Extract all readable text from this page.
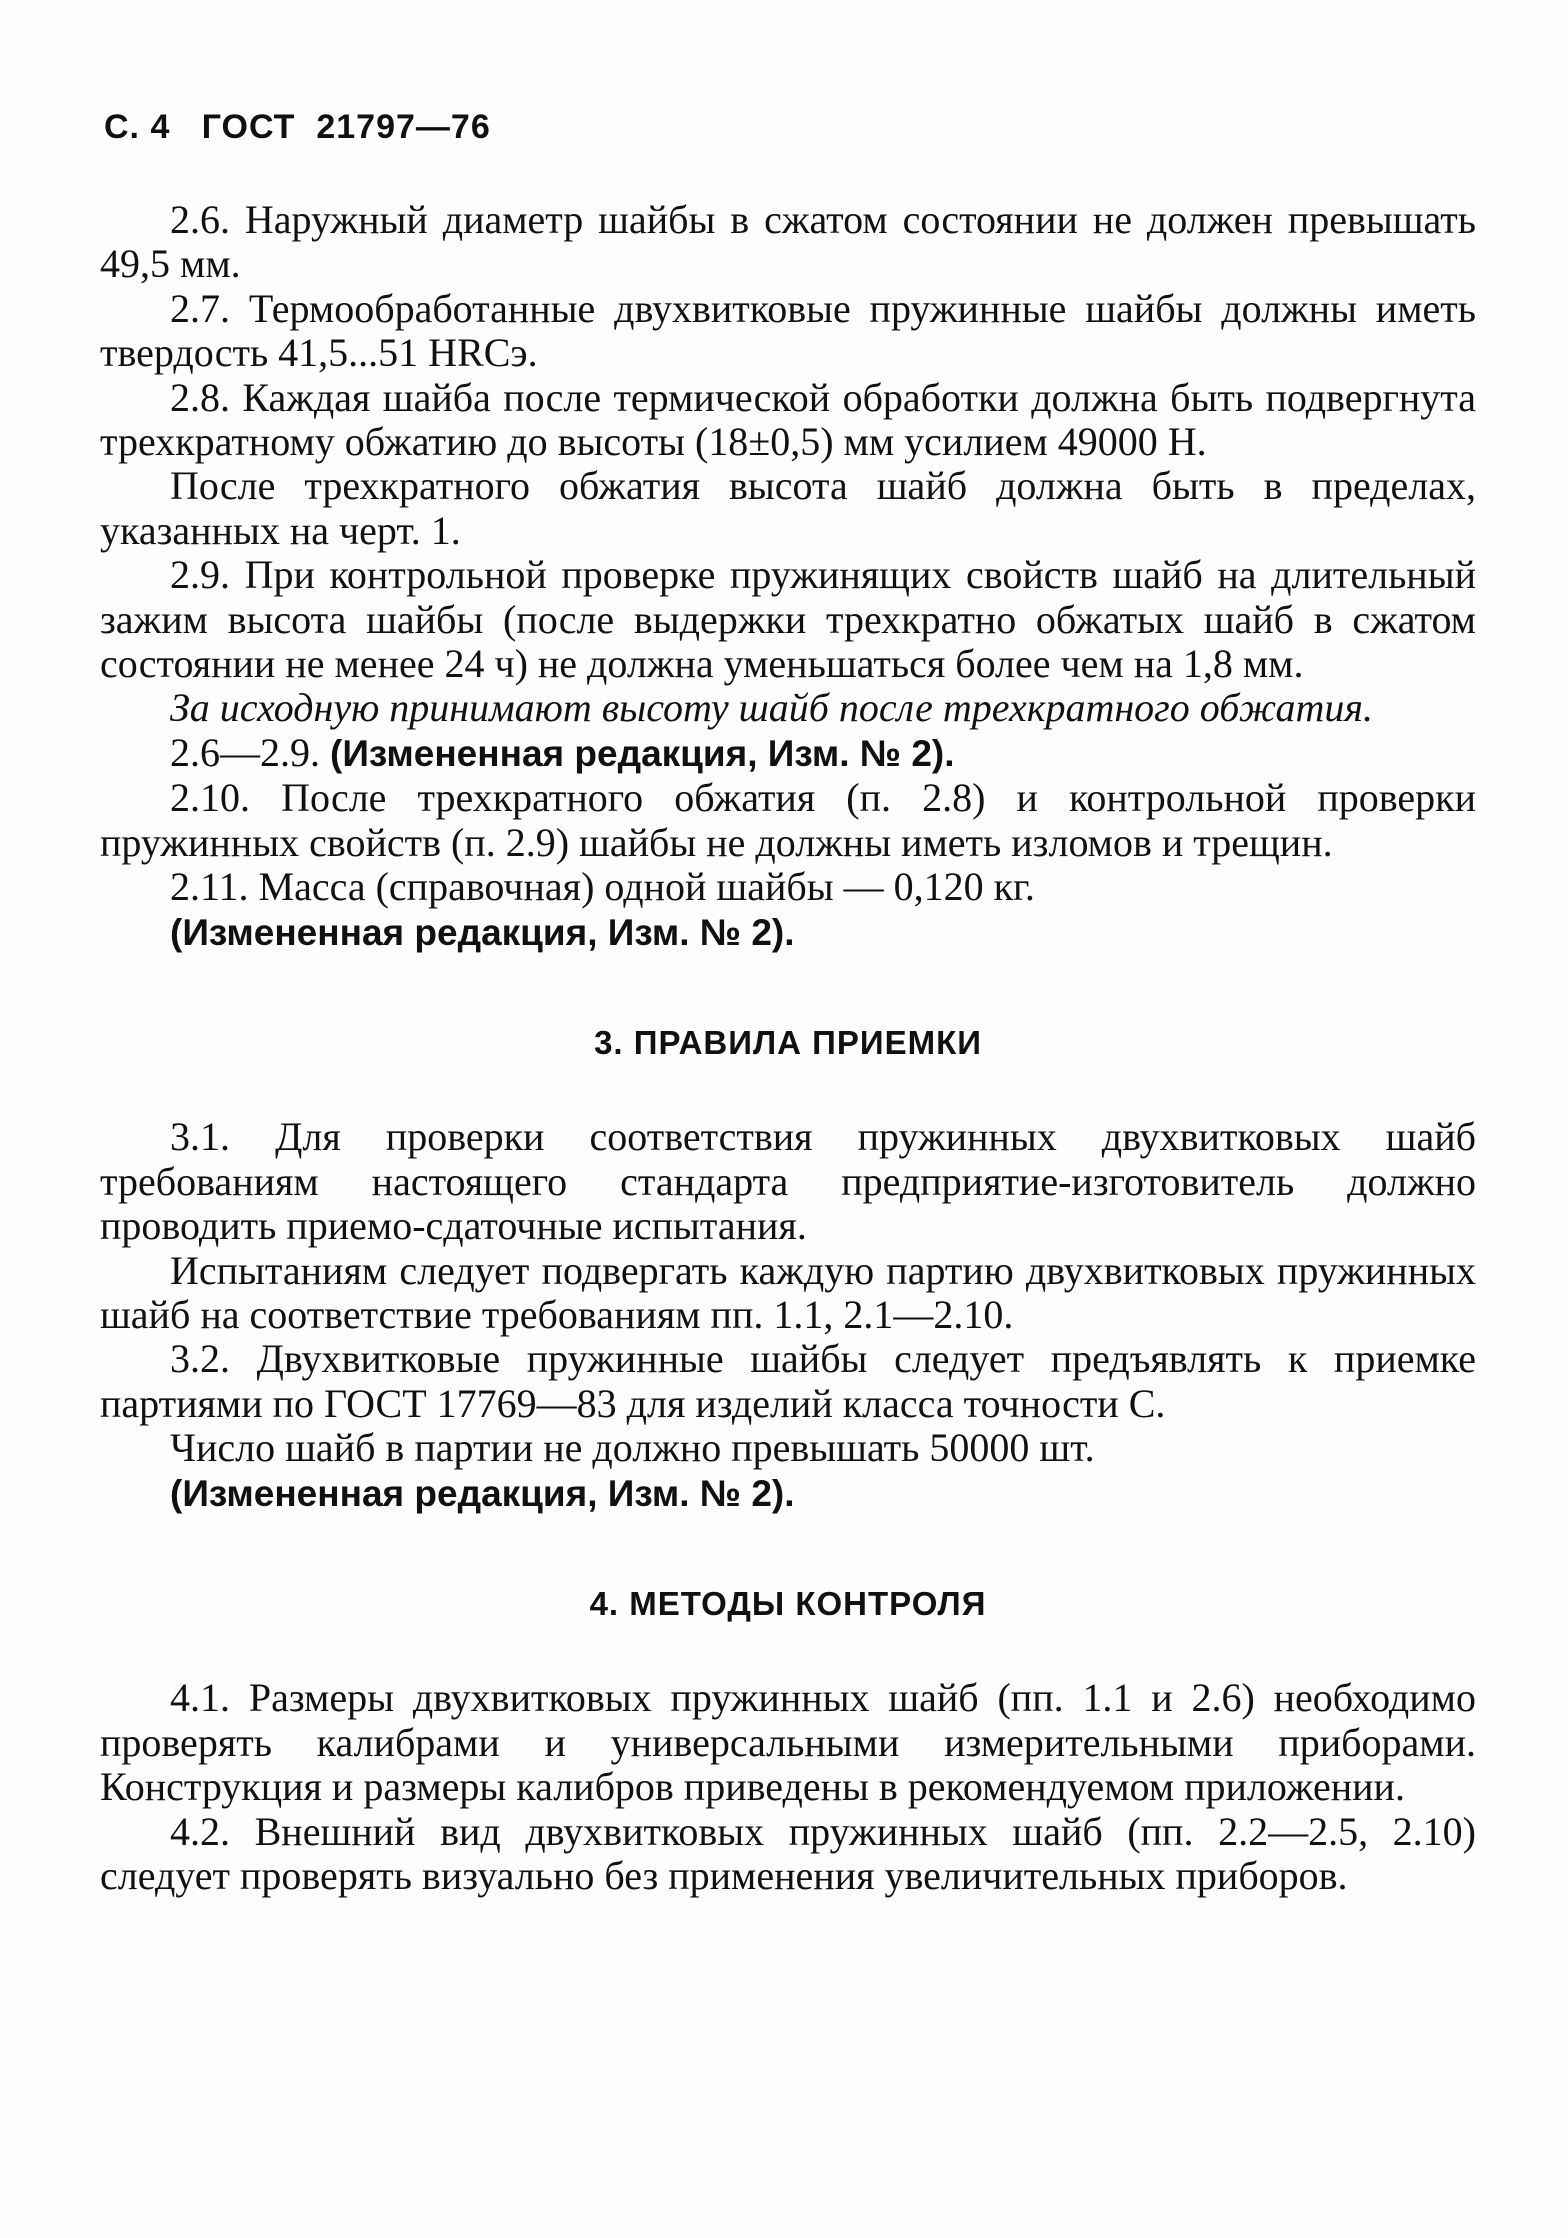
С. 4 ГОСТ 21797—76

2.6. Наружный диаметр шайбы в сжатом состоянии не должен превышать 49,5 мм.

2.7. Термообработанные двухвитковые пружинные шайбы должны иметь твердость 41,5...51 HRCэ.

2.8. Каждая шайба после термической обработки должна быть подвергнута трехкратному обжатию до высоты (18±0,5) мм усилием 49000 Н.

После трехкратного обжатия высота шайб должна быть в пределах, указанных на черт. 1.

2.9. При контрольной проверке пружинящих свойств шайб на длительный зажим высота шайбы (после выдержки трехкратно обжатых шайб в сжатом состоянии не менее 24 ч) не должна уменьшаться более чем на 1,8 мм.

За исходную принимают высоту шайб после трехкратного обжатия.

2.6—2.9. (Измененная редакция, Изм. № 2).

2.10. После трехкратного обжатия (п. 2.8) и контрольной проверки пружинных свойств (п. 2.9) шайбы не должны иметь изломов и трещин.

2.11. Масса (справочная) одной шайбы — 0,120 кг.

(Измененная редакция, Изм. № 2).

3. ПРАВИЛА ПРИЕМКИ

3.1. Для проверки соответствия пружинных двухвитковых шайб требованиям настоящего стандарта предприятие-изготовитель должно проводить приемо-сдаточные испытания.

Испытаниям следует подвергать каждую партию двухвитковых пружинных шайб на соответствие требованиям пп. 1.1, 2.1—2.10.

3.2. Двухвитковые пружинные шайбы следует предъявлять к приемке партиями по ГОСТ 17769—83 для изделий класса точности С.

Число шайб в партии не должно превышать 50000 шт.

(Измененная редакция, Изм. № 2).

4. МЕТОДЫ КОНТРОЛЯ

4.1. Размеры двухвитковых пружинных шайб (пп. 1.1 и 2.6) необходимо проверять калибрами и универсальными измерительными приборами. Конструкция и размеры калибров приведены в рекомендуемом приложении.

4.2. Внешний вид двухвитковых пружинных шайб (пп. 2.2—2.5, 2.10) следует проверять визуально без применения увеличительных приборов.
